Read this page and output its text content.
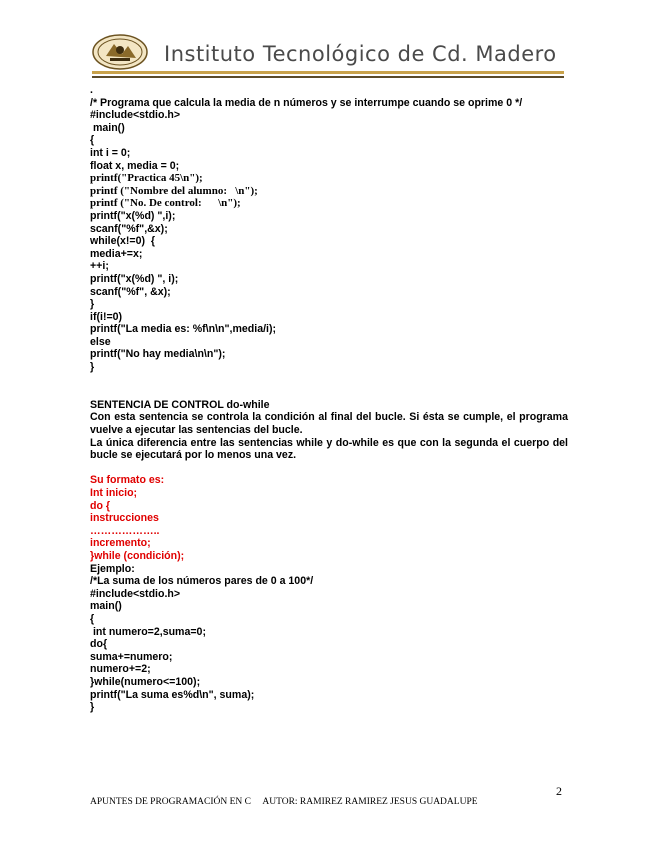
Instituto Tecnológico de Cd. Madero
.
/* Programa que calcula la media de n números y se interrumpe cuando se oprime 0 */
#include<stdio.h>
main()
{
int i = 0;
float x, media = 0;
printf("Practica 45\n");
printf ("Nombre del alumno:   \n");
printf ("No. De control:      \n");
printf("x(%d) ",i);
scanf("%f",&x);
while(x!=0)  {
media+=x;
++i;
printf("x(%d) ", i);
scanf("%f", &x);
}
if(i!=0)
printf("La media es: %f\n\n",media/i);
else
printf("No hay media\n\n");
}
SENTENCIA DE CONTROL do-while
Con esta sentencia se controla la condición al final del bucle. Si ésta se cumple, el programa vuelve a ejecutar las sentencias del bucle.
La única diferencia entre las sentencias while y do-while es que con la segunda el cuerpo del bucle se ejecutará por lo menos una vez.
Su formato es:
Int inicio;
do {
instrucciones
………………..
incremento;
}while (condición);
Ejemplo:
/*La suma de los números pares de 0 a 100*/
#include<stdio.h>
main()
{
int numero=2,suma=0;
do{
suma+=numero;
numero+=2;
}while(numero<=100);
printf("La suma es%d\n", suma);
}
2
APUNTES DE PROGRAMACIÓN EN C AUTOR: RAMIREZ RAMIREZ JESUS GUADALUPE
